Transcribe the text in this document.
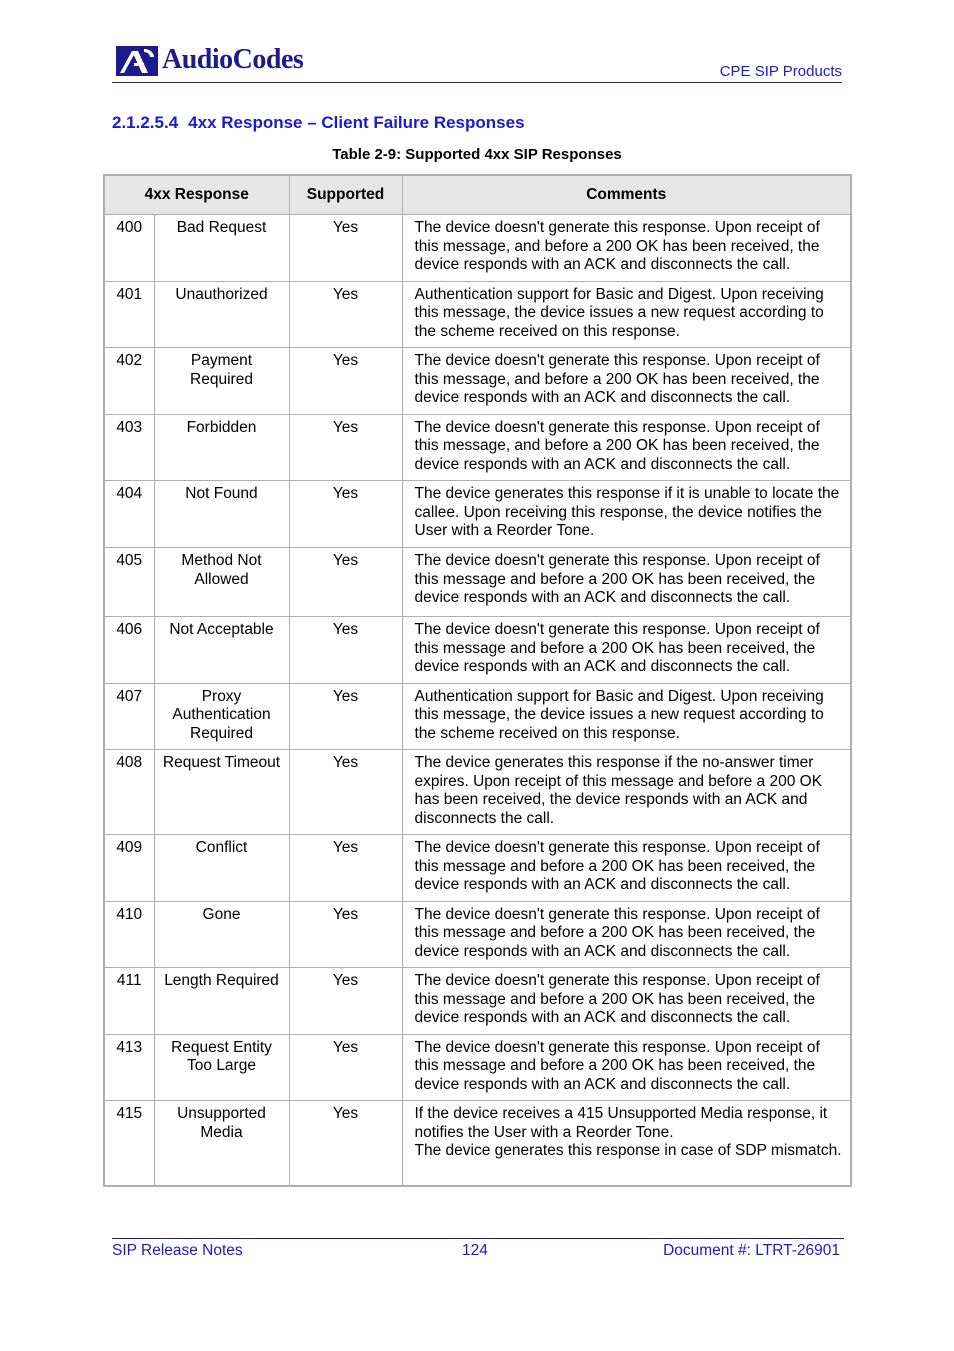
AudioCodes	CPE SIP Products
2.1.2.5.4 4xx Response – Client Failure Responses
Table 2-9: Supported 4xx SIP Responses
4xx Response		Supported	Comments
400	Bad Request	Yes	The device doesn't generate this response. Upon receipt of this message, and before a 200 OK has been received, the device responds with an ACK and disconnects the call.
401	Unauthorized	Yes	Authentication support for Basic and Digest. Upon receiving this message, the device issues a new request according to the scheme received on this response.
402	Payment Required	Yes	The device doesn't generate this response. Upon receipt of this message, and before a 200 OK has been received, the device responds with an ACK and disconnects the call.
403	Forbidden	Yes	The device doesn't generate this response. Upon receipt of this message, and before a 200 OK has been received, the device responds with an ACK and disconnects the call.
404	Not Found	Yes	The device generates this response if it is unable to locate the callee. Upon receiving this response, the device notifies the User with a Reorder Tone.
405	Method Not Allowed	Yes	The device doesn't generate this response. Upon receipt of this message and before a 200 OK has been received, the device responds with an ACK and disconnects the call.
406	Not Acceptable	Yes	The device doesn't generate this response. Upon receipt of this message and before a 200 OK has been received, the device responds with an ACK and disconnects the call.
407	Proxy Authentication Required	Yes	Authentication support for Basic and Digest. Upon receiving this message, the device issues a new request according to the scheme received on this response.
408	Request Timeout	Yes	The device generates this response if the no-answer timer expires. Upon receipt of this message and before a 200 OK has been received, the device responds with an ACK and disconnects the call.
409	Conflict	Yes	The device doesn't generate this response. Upon receipt of this message and before a 200 OK has been received, the device responds with an ACK and disconnects the call.
410	Gone	Yes	The device doesn't generate this response. Upon receipt of this message and before a 200 OK has been received, the device responds with an ACK and disconnects the call.
411	Length Required	Yes	The device doesn't generate this response. Upon receipt of this message and before a 200 OK has been received, the device responds with an ACK and disconnects the call.
413	Request Entity Too Large	Yes	The device doesn't generate this response. Upon receipt of this message and before a 200 OK has been received, the device responds with an ACK and disconnects the call.
415	Unsupported Media	Yes	If the device receives a 415 Unsupported Media response, it notifies the User with a Reorder Tone.
The device generates this response in case of SDP mismatch.
SIP Release Notes	124	Document #: LTRT-26901
